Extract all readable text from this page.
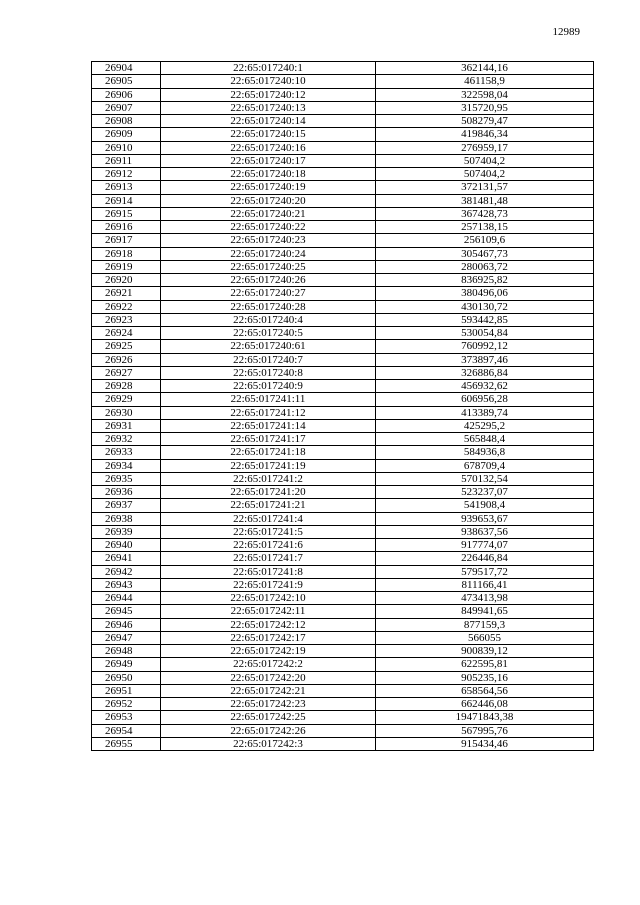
12989
26904	22:65:017240:1	362144,16
26905	22:65:017240:10	461158,9
26906	22:65:017240:12	322598,04
26907	22:65:017240:13	315720,95
26908	22:65:017240:14	508279,47
26909	22:65:017240:15	419846,34
26910	22:65:017240:16	276959,17
26911	22:65:017240:17	507404,2
26912	22:65:017240:18	507404,2
26913	22:65:017240:19	372131,57
26914	22:65:017240:20	381481,48
26915	22:65:017240:21	367428,73
26916	22:65:017240:22	257138,15
26917	22:65:017240:23	256109,6
26918	22:65:017240:24	305467,73
26919	22:65:017240:25	280063,72
26920	22:65:017240:26	836925,82
26921	22:65:017240:27	380496,06
26922	22:65:017240:28	430130,72
26923	22:65:017240:4	593442,85
26924	22:65:017240:5	530054,84
26925	22:65:017240:61	760992,12
26926	22:65:017240:7	373897,46
26927	22:65:017240:8	326886,84
26928	22:65:017240:9	456932,62
26929	22:65:017241:11	606956,28
26930	22:65:017241:12	413389,74
26931	22:65:017241:14	425295,2
26932	22:65:017241:17	565848,4
26933	22:65:017241:18	584936,8
26934	22:65:017241:19	678709,4
26935	22:65:017241:2	570132,54
26936	22:65:017241:20	523237,07
26937	22:65:017241:21	541908,4
26938	22:65:017241:4	939653,67
26939	22:65:017241:5	938637,56
26940	22:65:017241:6	917774,07
26941	22:65:017241:7	226446,84
26942	22:65:017241:8	579517,72
26943	22:65:017241:9	811166,41
26944	22:65:017242:10	473413,98
26945	22:65:017242:11	849941,65
26946	22:65:017242:12	877159,3
26947	22:65:017242:17	566055
26948	22:65:017242:19	900839,12
26949	22:65:017242:2	622595,81
26950	22:65:017242:20	905235,16
26951	22:65:017242:21	658564,56
26952	22:65:017242:23	662446,08
26953	22:65:017242:25	19471843,38
26954	22:65:017242:26	567995,76
26955	22:65:017242:3	915434,46
